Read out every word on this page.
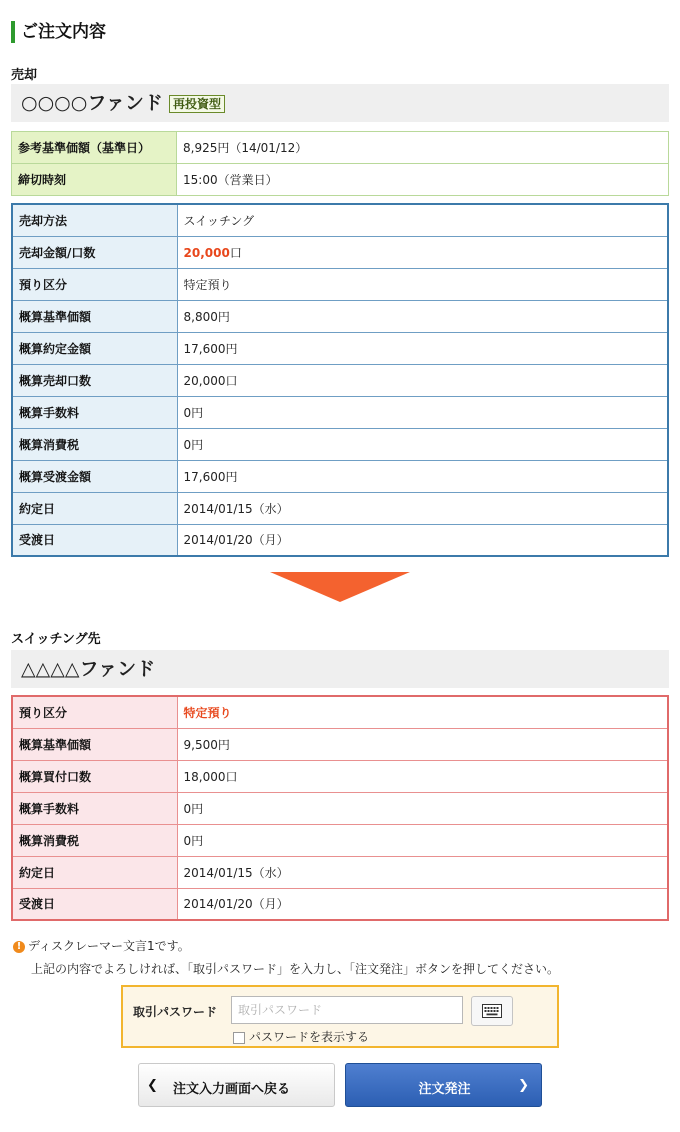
ご注文内容
売却
○○○○ファンド 再投資型
参考基準価額（基準日）	8,925円（14/01/12）
締切時刻	15:00（営業日）
売却方法	スイッチング
売却金額/口数	20,000口
預り区分	特定預り
概算基準価額	8,800円
概算約定金額	17,600円
概算売却口数	20,000口
概算手数料	0円
概算消費税	0円
概算受渡金額	17,600円
約定日	2014/01/15（水）
受渡日	2014/01/20（月）
スイッチング先
△△△△ファンド
預り区分	特定預り
概算基準価額	9,500円
概算買付口数	18,000口
概算手数料	0円
概算消費税	0円
約定日	2014/01/15（水）
受渡日	2014/01/20（月）
! ディスクレーマー文言1です。
上記の内容でよろしければ、「取引パスワード」を入力し、「注文発注」ボタンを押してください。
取引パスワード
パスワードを表示する
❮ 注文入力画面へ戻る	注文発注	❯
